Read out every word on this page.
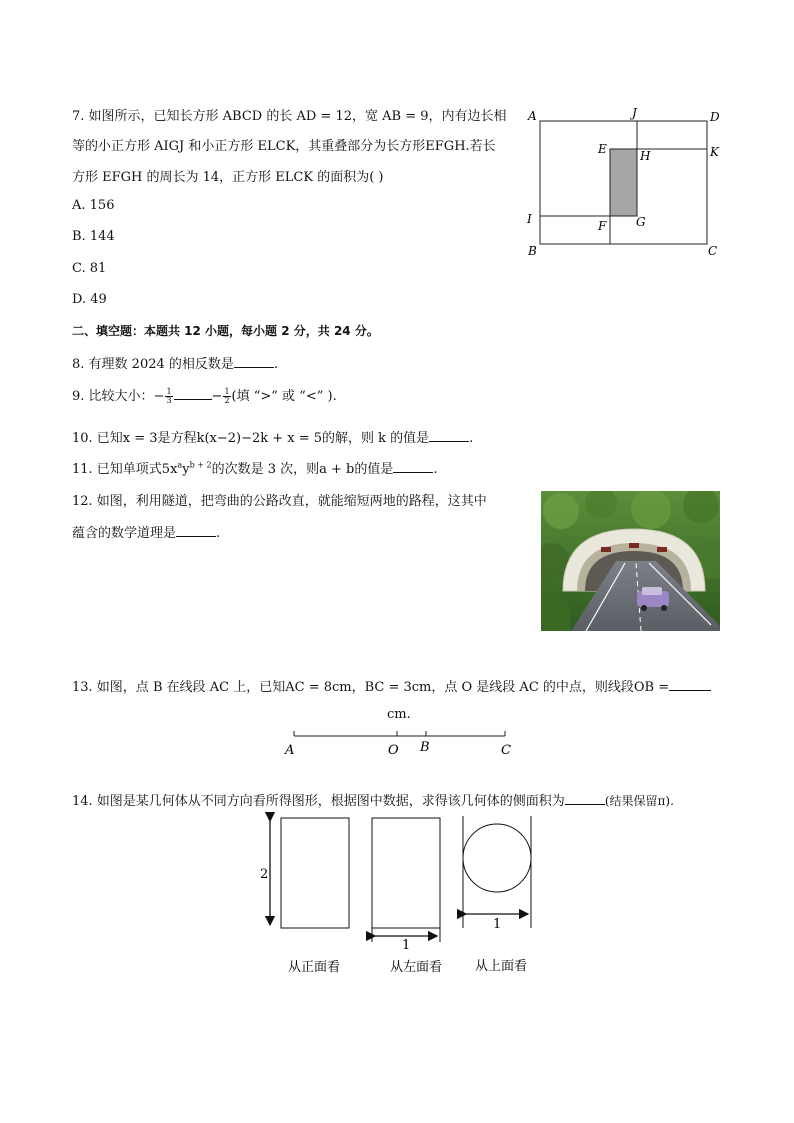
7. 如图所示，已知长方形 ABCD 的长 AD = 12，宽 AB = 9，内有边长相
等的小正方形 AIGJ 和小正方形 ELCK，其重叠部分为长方形EFGH.若长
方形 EFGH 的周长为 14，正方形 ELCK 的面积为( )
A. 156
B. 144
C. 81
D. 49
A	J	D
E	H	K
I	F G
B	C
二、填空题：本题共 12 小题，每小题 2 分，共 24 分。
8. 有理数 2024 的相反数是	.
9. 比较大小：− $\frac{1}{3}$	− $\frac{1}{2}$ (填 “>” 或 “<” ).
10. 已知x = 3是方程k(x−2)−2k + x = 5的解，则 k 的值是	.
11. 已知单项式$5x^ay^{b + 2}$的次数是 3 次，则a + b的值是	.
12. 如图，利用隧道，把弯曲的公路改直，就能缩短两地的路程，这其中
蕴含的数学道理是	.
13. 如图，点 B 在线段 AC 上，已知AC = 8cm，BC = 3cm，点 O 是线段 AC 的中点，则线段OB =
cm.
A	O B	C
14. 如图是某几何体从不同方向看所得图形，根据图中数据，求得该几何体的侧面积为	(结果保留π).
2
1
1
从正面看	从左面看	从上面看
